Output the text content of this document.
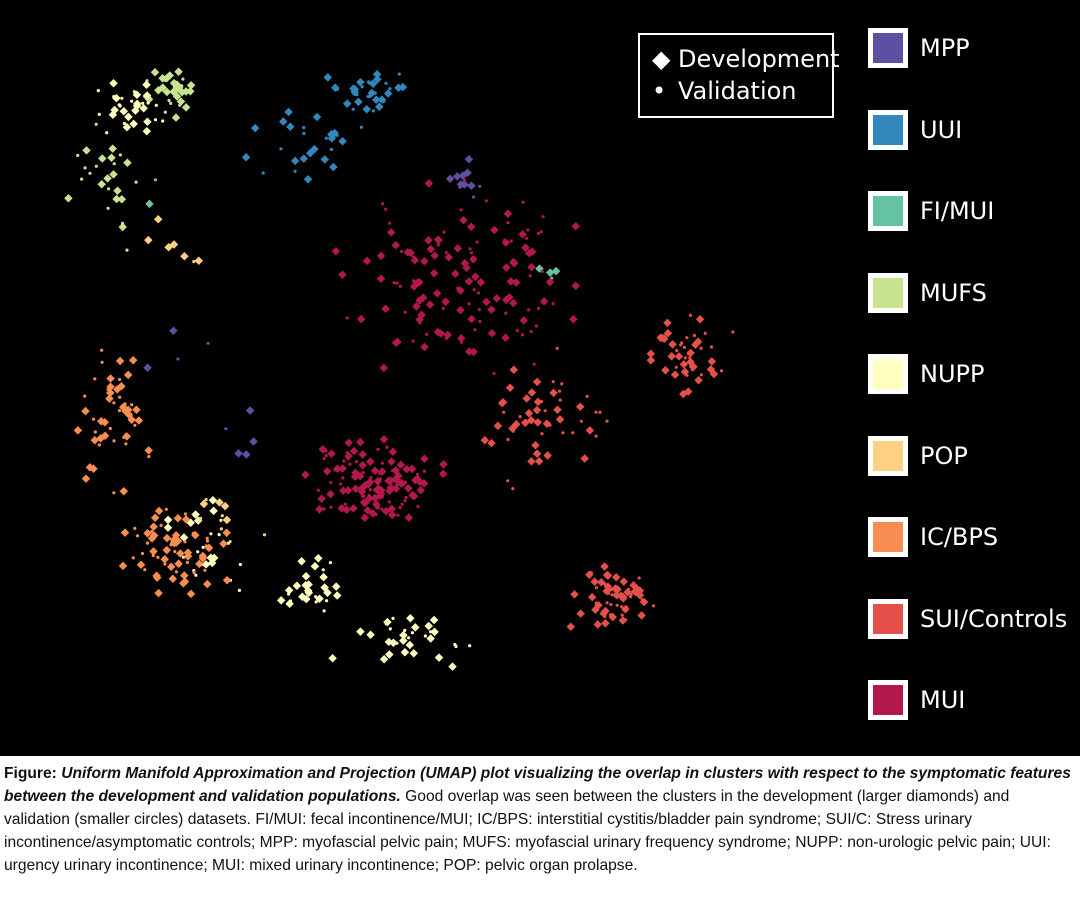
◆ Development
• Validation
MPP
UUI
FI/MUI
MUFS
NUPP
POP
IC/BPS
SUI/Controls
MUI
Figure: Uniform Manifold Approximation and Projection (UMAP) plot visualizing the overlap in clusters with respect to the symptomatic features between the development and validation populations. Good overlap was seen between the clusters in the development (larger diamonds) and validation (smaller circles) datasets. FI/MUI: fecal incontinence/MUI; IC/BPS: interstitial cystitis/bladder pain syndrome; SUI/C: Stress urinary incontinence/asymptomatic controls; MPP: myofascial pelvic pain; MUFS: myofascial urinary frequency syndrome; NUPP: non-urologic pelvic pain; UUI: urgency urinary incontinence; MUI: mixed urinary incontinence; POP: pelvic organ prolapse.
